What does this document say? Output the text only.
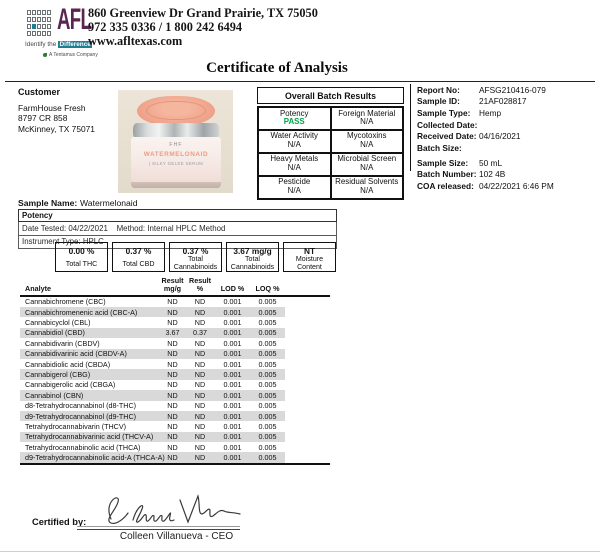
AFL
Identify the Difference
A Tentamus Company
860 Greenview Dr Grand Prairie, TX 75050
972 335 0336 / 1 800 242 6494
www.afltexas.com
Certificate of Analysis
Customer
FarmHouse Fresh
8797 CR 858
McKinney, TX 75071
FHF
WATERMELONAID
| SILKY GELEE SERUM
Overall Batch Results
Potency
PASS
Foreign Material
N/A
Water Activity
N/A
Mycotoxins
N/A
Heavy Metals
N/A
Microbial Screen
N/A
Pesticide
N/A
Residual Solvents
N/A
Report No:	AFSG210416-079
Sample ID:	21AF028817
Sample Type:	Hemp
Collected Date:
Received Date: 04/16/2021
Batch Size:
Sample Size:	50 mL
Batch Number: 102 4B
COA released: 04/22/2021 6:46 PM
Sample Name: Watermelonaid
Potency
Date Tested: 04/22/2021    Method: Internal HPLC Method
Instrument Type: HPLC
0.00 %
Total THC
0.37 %
Total CBD
0.37 %
Total Cannabinoids
3.67 mg/g
Total Cannabinoids
NT
Moisture Content
Analyte
Result
mg/g
Result %	LOD %	LOQ %
Cannabichromene (CBC)	ND	ND	0.001	0.005
Cannabichromenenic acid (CBC-A)	ND	ND	0.001	0.005
Cannabicyclol (CBL)	ND	ND	0.001	0.005
Cannabidiol (CBD)	3.67	0.37	0.001	0.005
Cannabidivarin (CBDV)	ND	ND	0.001	0.005
Cannabidivarinic acid (CBDV-A)	ND	ND	0.001	0.005
Cannabidiolic acid (CBDA)	ND	ND	0.001	0.005
Cannabigerol (CBG)	ND	ND	0.001	0.005
Cannabigerolic acid (CBGA)	ND	ND	0.001	0.005
Cannabinol (CBN)	ND	ND	0.001	0.005
d8-Tetrahydrocannabinol (d8-THC)	ND	ND	0.001	0.005
d9-Tetrahydrocannabinol (d9-THC)	ND	ND	0.001	0.005
Tetrahydrocannabivarin (THCV)	ND	ND	0.001	0.005
Tetrahydrocannabivarinic acid (THCV-A)	ND	ND	0.001	0.005
Tetrahydrocannabinolic acid (THCA)	ND	ND	0.001	0.005
d9-Tetrahydrocannabinolic acid-A (THCA-A) ND	ND	0.001	0.005
Certified by:
Colleen Villanueva - CEO
